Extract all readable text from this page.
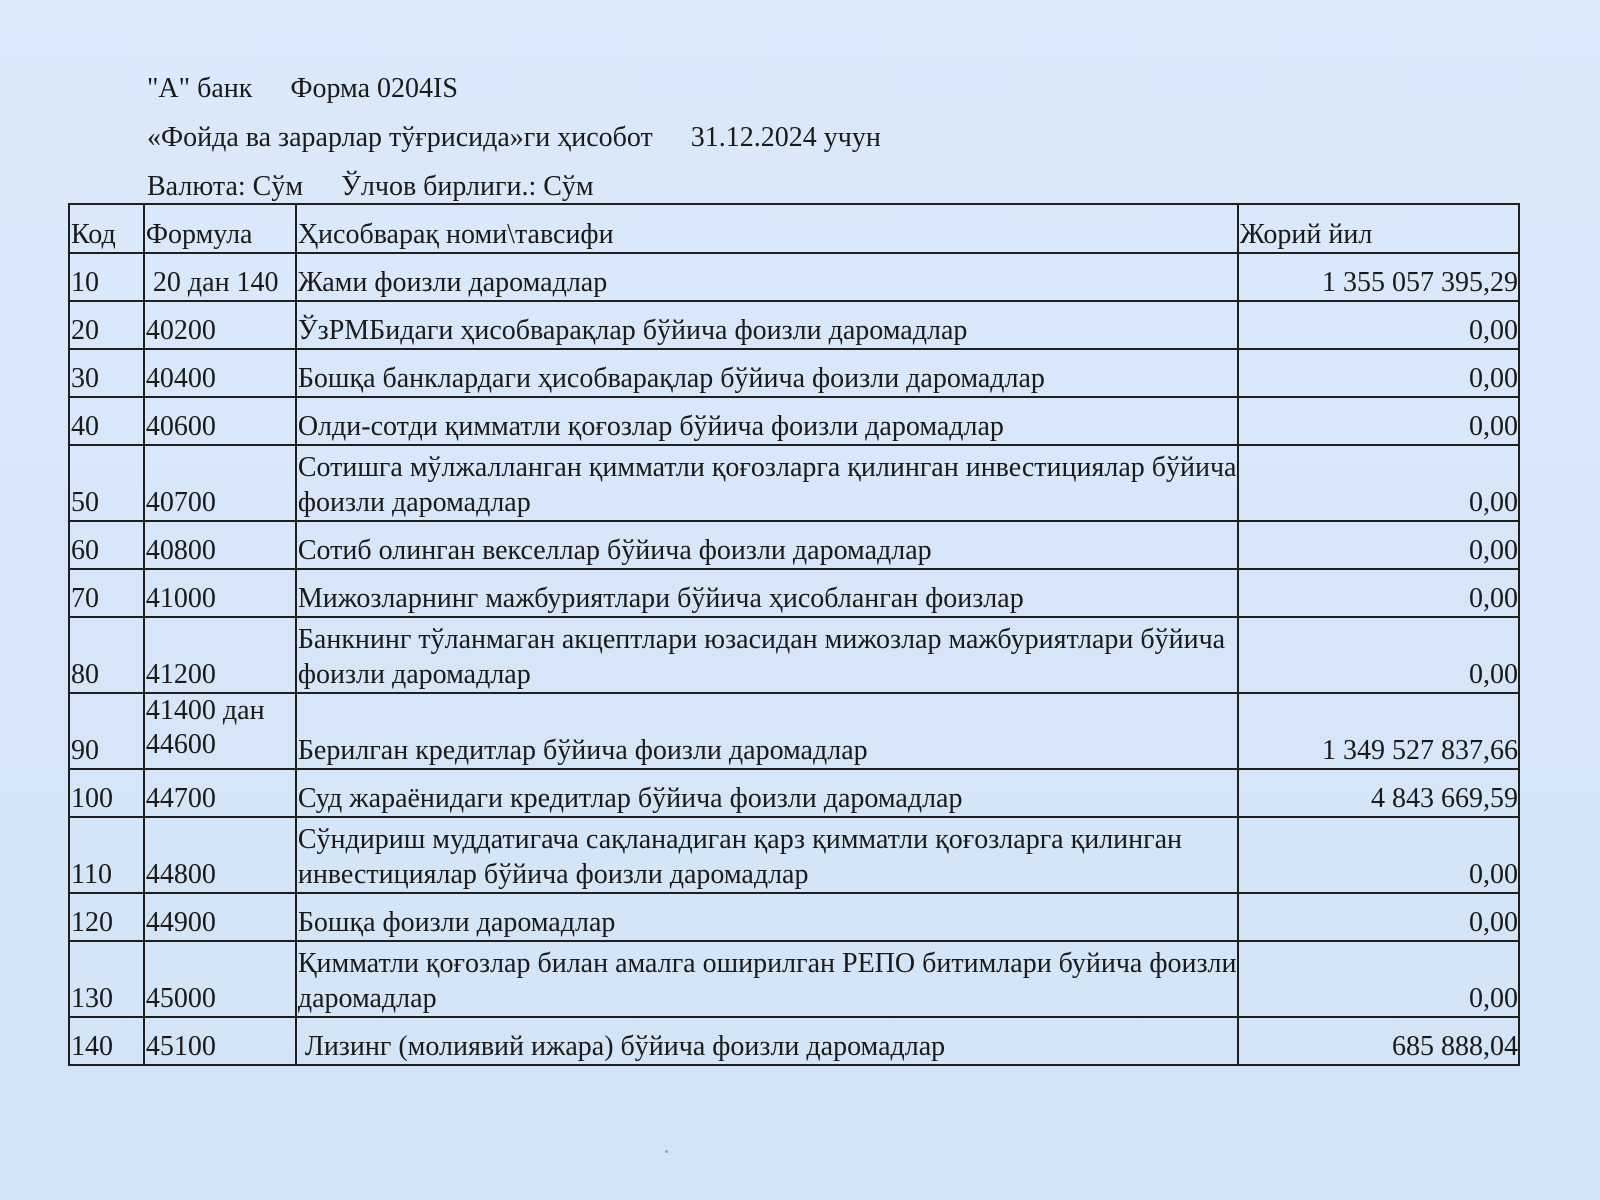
"А" банк Форма 0204IS
«Фойда ва зарарлар тўғрисида»ги ҳисобот 31.12.2024 учун
Валюта: Сўм Ўлчов бирлиги.: Сўм
Код	Формула	Ҳисобварақ номи\тавсифи	Жорий йил
10	20 дан 140	Жами фоизли даромадлар	1 355 057 395,29
20	40200	ЎзРМБидаги ҳисобварақлар бўйича фоизли даромадлар	0,00
30	40400	Бошқа банклардаги ҳисобварақлар бўйича фоизли даромадлар	0,00
40	40600	Олди-сотди қимматли қоғозлар бўйича фоизли даромадлар	0,00
50	40700	Сотишга мўлжалланган қимматли қоғозларга қилинган инвестициялар бўйича фоизли даромадлар	0,00
60	40800	Сотиб олинган векселлар бўйича фоизли даромадлар	0,00
70	41000	Мижозларнинг мажбуриятлари бўйича ҳисобланган фоизлар	0,00
80	41200	Банкнинг тўланмаган акцептлари юзасидан мижозлар мажбуриятлари бўйича фоизли даромадлар	0,00
90	41400 дан 44600	Берилган кредитлар бўйича фоизли даромадлар	1 349 527 837,66
100	44700	Суд жараёнидаги кредитлар бўйича фоизли даромадлар	4 843 669,59
110	44800	Сўндириш муддатигача сақланадиган қарз қимматли қоғозларга қилинган инвестициялар бўйича фоизли даромадлар	0,00
120	44900	Бошқа фоизли даромадлар	0,00
130	45000	Қимматли қоғозлар билан амалга оширилган РЕПО битимлари буйича фоизли даромадлар	0,00
140	45100	Лизинг (молиявий ижара) бўйича фоизли даромадлар	685 888,04
